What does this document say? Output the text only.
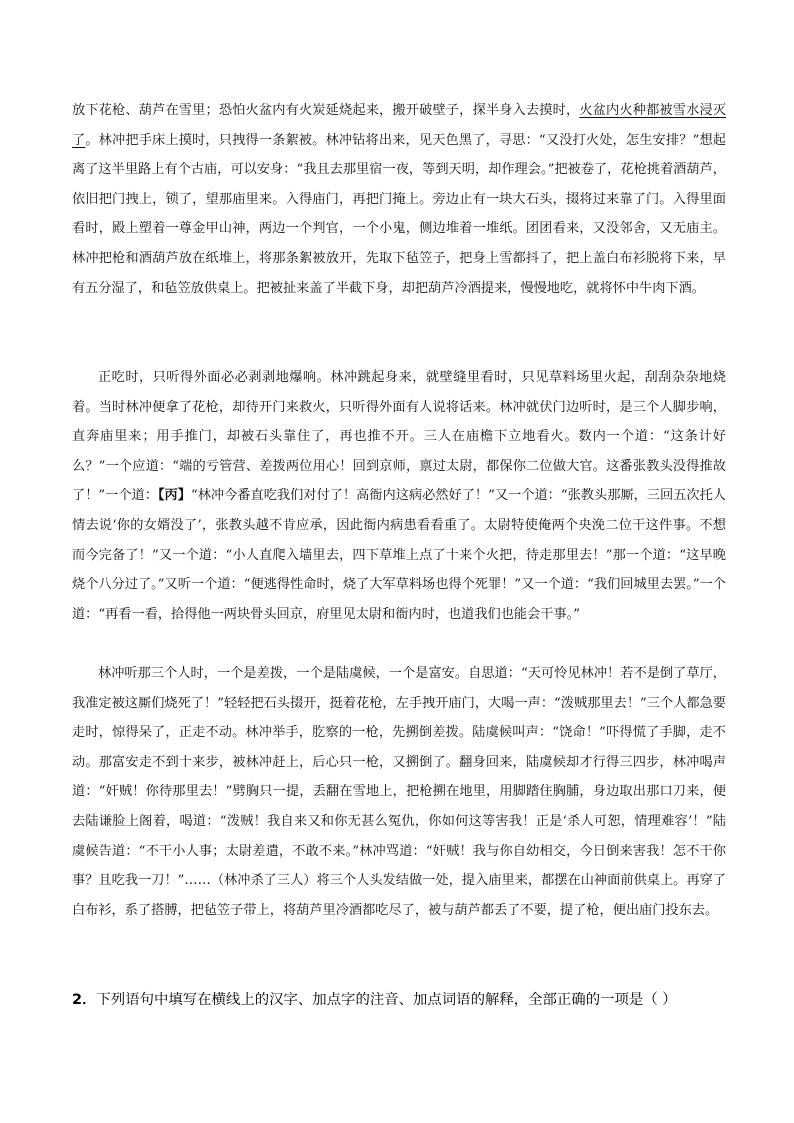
放下花枪、葫芦在雪里；恐怕火盆内有火炭延烧起来，搬开破壁子，探半身入去摸时，火盆内火种都被雪水浸灭了。林冲把手床上摸时，只拽得一条絮被。林冲钻将出来，见天色黑了，寻思：“又没打火处，怎生安排？”想起离了这半里路上有个古庙，可以安身：“我且去那里宿一夜，等到天明，却作理会。”把被卷了，花枪挑着酒葫芦，依旧把门拽上，锁了，望那庙里来。入得庙门，再把门掩上。旁边止有一块大石头，掇将过来靠了门。入得里面看时，殿上塑着一尊金甲山神，两边一个判官，一个小鬼，侧边堆着一堆纸。团团看来，又没邻舍，又无庙主。林冲把枪和酒葫芦放在纸堆上，将那条絮被放开，先取下毡笠子，把身上雪都抖了，把上盖白布衫脱将下来，早有五分湿了，和毡笠放供桌上。把被扯来盖了半截下身，却把葫芦冷酒提来，慢慢地吃，就将怀中牛肉下酒。

正吃时，只听得外面必必剥剥地爆响。林冲跳起身来，就壁缝里看时，只见草料场里火起，刮刮杂杂地烧着。当时林冲便拿了花枪，却待开门来救火，只听得外面有人说将话来。林冲就伏门边听时，是三个人脚步响，直奔庙里来；用手推门，却被石头靠住了，再也推不开。三人在庙檐下立地看火。数内一个道：“这条计好么？”一个应道：“端的亏管营、差拨两位用心！回到京师，禀过太尉，都保你二位做大官。这番张教头没得推故了！”一个道：【丙】“林冲今番直吃我们对付了！高衙内这病必然好了！”又一个道：“张教头那厮，三回五次托人情去说‘你的女婿没了’，张教头越不肯应承，因此衙内病患看看重了。太尉特使俺两个央浼二位干这件事。不想而今完备了！”又一个道：“小人直爬入墙里去，四下草堆上点了十来个火把，待走那里去！”那一个道：“这早晚烧个八分过了。”又听一个道：“便逃得性命时，烧了大军草料场也得个死罪！”又一个道：“我们回城里去罢。”一个道：“再看一看，拾得他一两块骨头回京，府里见太尉和衙内时，也道我们也能会干事。”

林冲听那三个人时，一个是差拨，一个是陆虞候，一个是富安。自思道：“天可怜见林冲！若不是倒了草厅，我准定被这厮们烧死了！”轻轻把石头掇开，挺着花枪，左手拽开庙门，大喝一声：“泼贼那里去！”三个人都急要走时，惊得呆了，正走不动。林冲举手，肐察的一枪，先搠倒差拨。陆虞候叫声：“饶命！”吓得慌了手脚，走不动。那富安走不到十来步，被林冲赶上，后心只一枪，又搠倒了。翻身回来，陆虞候却才行得三四步，林冲喝声道：“奸贼！你待那里去！”劈胸只一提，丢翻在雪地上，把枪搠在地里，用脚踏住胸脯，身边取出那口刀来，便去陆谦脸上阁着，喝道：“泼贼！我自来又和你无甚么冤仇，你如何这等害我！正是‘杀人可恕，情理难容’！”陆虞候告道：“不干小人事；太尉差遣，不敢不来。”林冲骂道：“奸贼！我与你自幼相交，今日倒来害我！怎不干你事？且吃我一刀！”……（林冲杀了三人）将三个人头发结做一处，提入庙里来，都摆在山神面前供桌上。再穿了白布衫，系了搭膊，把毡笠子带上，将葫芦里冷酒都吃尽了，被与葫芦都丢了不要，提了枪，便出庙门投东去。

2．下列语句中填写在横线上的汉字、加点字的注音、加点词语的解释，全部正确的一项是（ ）
